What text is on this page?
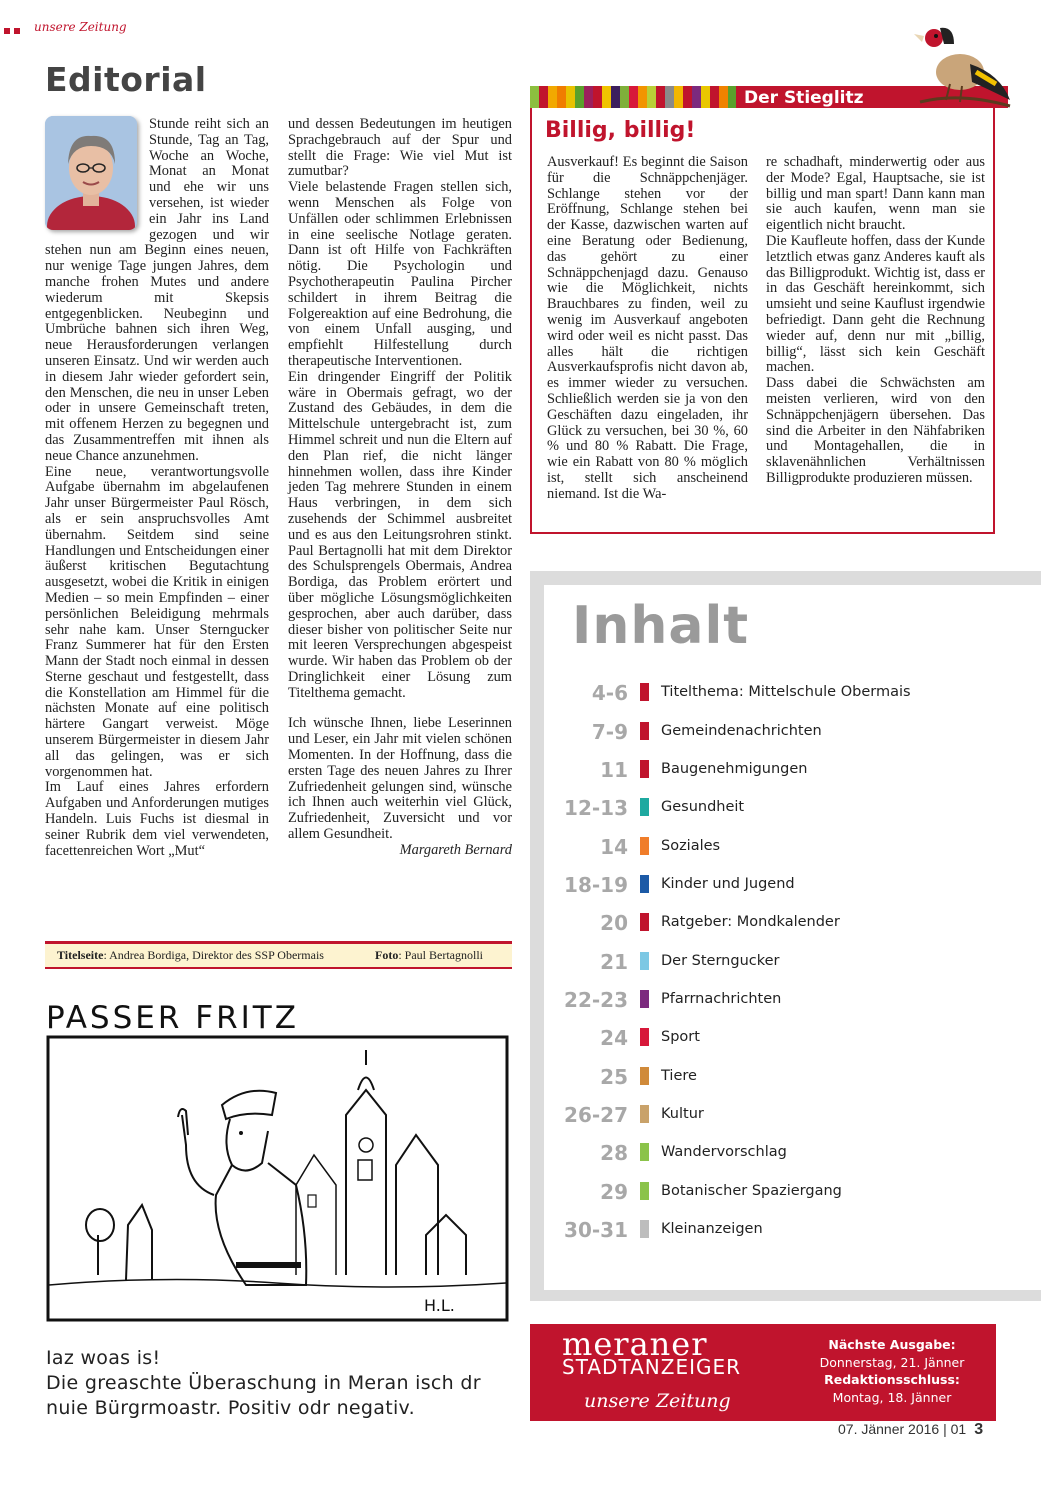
unsere Zeitung
Editorial

Stunde reiht sich an Stunde, Tag an Tag, Woche an Woche, Monat an Monat und ehe wir uns versehen, ist wieder ein Jahr ins Land gezogen und wir stehen nun am Beginn eines neuen, nur wenige Tage jungen Jahres, dem manche frohen Mutes und andere wiederum mit Skepsis entgegenblicken. Neubeginn und Umbrüche bahnen sich ihren Weg, neue Herausforderungen verlangen unseren Einsatz. Und wir werden auch in diesem Jahr wieder gefordert sein, den Menschen, die neu in unser Leben oder in unsere Gemeinschaft treten, mit offenem Herzen zu begegnen und das Zusammentreffen mit ihnen als neue Chance anzunehmen.

Eine neue, verantwortungsvolle Aufgabe übernahm im abgelaufenen Jahr unser Bürgermeister Paul Rösch, als er sein anspruchsvolles Amt übernahm. Seitdem sind seine Handlungen und Entscheidungen einer äußerst kritischen Begutachtung ausgesetzt, wobei die Kritik in einigen Medien – so mein Empfinden – einer persönlichen Beleidigung mehrmals sehr nahe kam. Unser Sterngucker Franz Summerer hat für den Ersten Mann der Stadt noch einmal in dessen Sterne geschaut und festgestellt, dass die Konstellation am Himmel für die nächsten Monate auf eine politisch härtere Gangart verweist. Möge unserem Bürgermeister in diesem Jahr all das gelingen, was er sich vorgenommen hat.

Im Lauf eines Jahres erfordern Aufgaben und Anforderungen mutiges Handeln. Luis Fuchs ist diesmal in seiner Rubrik dem viel verwendeten, facettenreichen Wort „Mut“

und dessen Bedeutungen im heutigen Sprachgebrauch auf der Spur und stellt die Frage: Wie viel Mut ist zumutbar?

Viele belastende Fragen stellen sich, wenn Menschen als Folge von Unfällen oder schlimmen Erlebnissen in eine seelische Notlage geraten. Dann ist oft Hilfe von Fachkräften nötig. Die Psychologin und Psychotherapeutin Paulina Pircher schildert in ihrem Beitrag die Folgereaktion auf eine Bedrohung, die von einem Unfall ausging, und empfiehlt Hilfestellung durch therapeutische Interventionen.

Ein dringender Eingriff der Politik wäre in Obermais gefragt, wo der Zustand des Gebäudes, in dem die Mittelschule untergebracht ist, zum Himmel schreit und nun die Eltern auf den Plan rief, die nicht länger hinnehmen wollen, dass ihre Kinder jeden Tag mehrere Stunden in einem Haus verbringen, in dem sich zusehends der Schimmel ausbreitet und es aus den Leitungsrohren stinkt. Paul Bertagnolli hat mit dem Direktor des Schulsprengels Obermais, Andrea Bordiga, das Problem erörtert und über mögliche Lösungsmöglichkeiten gesprochen, aber auch darüber, dass dieser bisher von politischer Seite nur mit leeren Versprechungen abgespeist wurde. Wir haben das Problem ob der Dringlichkeit einer Lösung zum Titelthema gemacht.

Ich wünsche Ihnen, liebe Leserinnen und Leser, ein Jahr mit vielen schönen Momenten. In der Hoffnung, dass die ersten Tage des neuen Jahres zu Ihrer Zufriedenheit gelungen sind, wünsche ich Ihnen auch weiterhin viel Glück, Zufriedenheit, Zuversicht und vor allem Gesundheit.

Margareth Bernard

Titelseite: Andrea Bordiga, Direktor des SSP Obermais	Foto: Paul Bertagnolli
PASSER FRITZ
H.L.
Iaz woas is!
Die greaschte Überaschung in Meran isch dr
nuie Bürgrmoastr. Positiv odr negativ.
Der Stieglitz
Billig, billig!

Ausverkauf! Es beginnt die Saison für die Schnäppchenjäger. Schlange stehen vor der Eröffnung, Schlange stehen bei der Kasse, dazwischen warten auf eine Beratung oder Bedienung, das gehört zu einer Schnäppchenjagd dazu. Genauso wie die Möglichkeit, nichts Brauchbares zu finden, weil zu wenig im Ausverkauf angeboten wird oder weil es nicht passt. Das alles hält die richtigen Ausverkaufsprofis nicht davon ab, es immer wieder zu versuchen. Schließlich werden sie ja von den Geschäften dazu eingeladen, ihr Glück zu versuchen, bei 30 %, 60 % und 80 % Rabatt. Die Frage, wie ein Rabatt von 80 % möglich ist, stellt sich anscheinend niemand. Ist die Wa-

re schadhaft, minderwertig oder aus der Mode? Egal, Hauptsache, sie ist billig und man spart! Dann kann man sie auch kaufen, wenn man sie eigentlich nicht braucht.

Die Kaufleute hoffen, dass der Kunde letztlich etwas ganz Anderes kauft als das Billigprodukt. Wichtig ist, dass er in das Geschäft hereinkommt, sich umsieht und seine Kauflust irgendwie befriedigt. Dann geht die Rechnung wieder auf, denn nur mit „billig, billig“, lässt sich kein Geschäft machen.

Dass dabei die Schwächsten am meisten verlieren, wird von den Schnäppchenjägern übersehen. Das sind die Arbeiter in den Nähfabriken und Montagehallen, die in sklavenähnlichen Verhältnissen Billigprodukte produzieren müssen.

Inhalt
4-6 Titelthema: Mittelschule Obermais
7-9 Gemeindenachrichten
11 Baugenehmigungen
12-13 Gesundheit
14 Soziales
18-19 Kinder und Jugend
20 Ratgeber: Mondkalender
21 Der Sterngucker
22-23 Pfarrnachrichten
24 Sport
25 Tiere
26-27 Kultur
28 Wandervorschlag
29 Botanischer Spaziergang
30-31 Kleinanzeigen
meraner
STADTANZEIGER
unsere Zeitung
Nächste Ausgabe:
Donnerstag, 21. Jänner
Redaktionsschluss:
Montag, 18. Jänner
07. Jänner 2016 | 01 3
